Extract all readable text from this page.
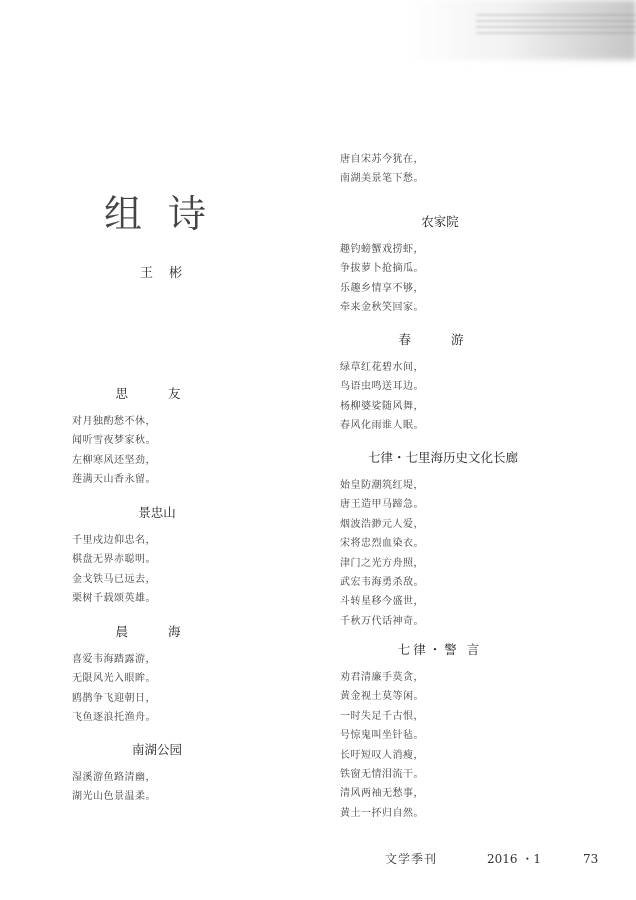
组诗
王 彬
思 友
对月独酌愁不休，
闻听雪夜梦家秋。
左柳寒风还坚劲，
莲满天山香永留。
景忠山
千里戍边仰忠名，
棋盘无界赤聪明。
金戈铁马已远去，
栗树千载颂英雄。
晨 海
喜爱韦海踏露游，
无限风光入眼眸。
鸥鹊争飞迎朝日，
飞鱼逐浪托渔舟。
南湖公园
湿溪游鱼路清幽，
湖光山色景温柔。
唐自宋苏今犹在，
南湖美景笔下愁。
农家院
趣钓螃蟹戏捞虾，
争拔萝卜抢摘瓜。
乐趣乡情享不够，
牵来金秋笑回家。
春 游
绿草红花碧水间，
鸟语虫鸣送耳边。
杨柳婆娑随风舞，
春风化雨谁人眠。
七律・七里海历史文化长廊
始皇防潮筑红堤，
唐王造甲马蹄急。
烟波浩渺元人爱，
宋将忠烈血染衣。
津门之光方舟照，
武宏韦海勇杀敌。
斗转星移今盛世，
千秋万代话神奇。
七律・警 言
劝君清廉手莫贪，
黄金视土莫等闲。
一时失足千古恨，
号惊鬼叫坐针毡。
长吁短叹人消瘦，
铁窗无情泪流干。
清风两袖无愁事，
黄土一抔归自然。
文学季刊	2016 ・1	73
